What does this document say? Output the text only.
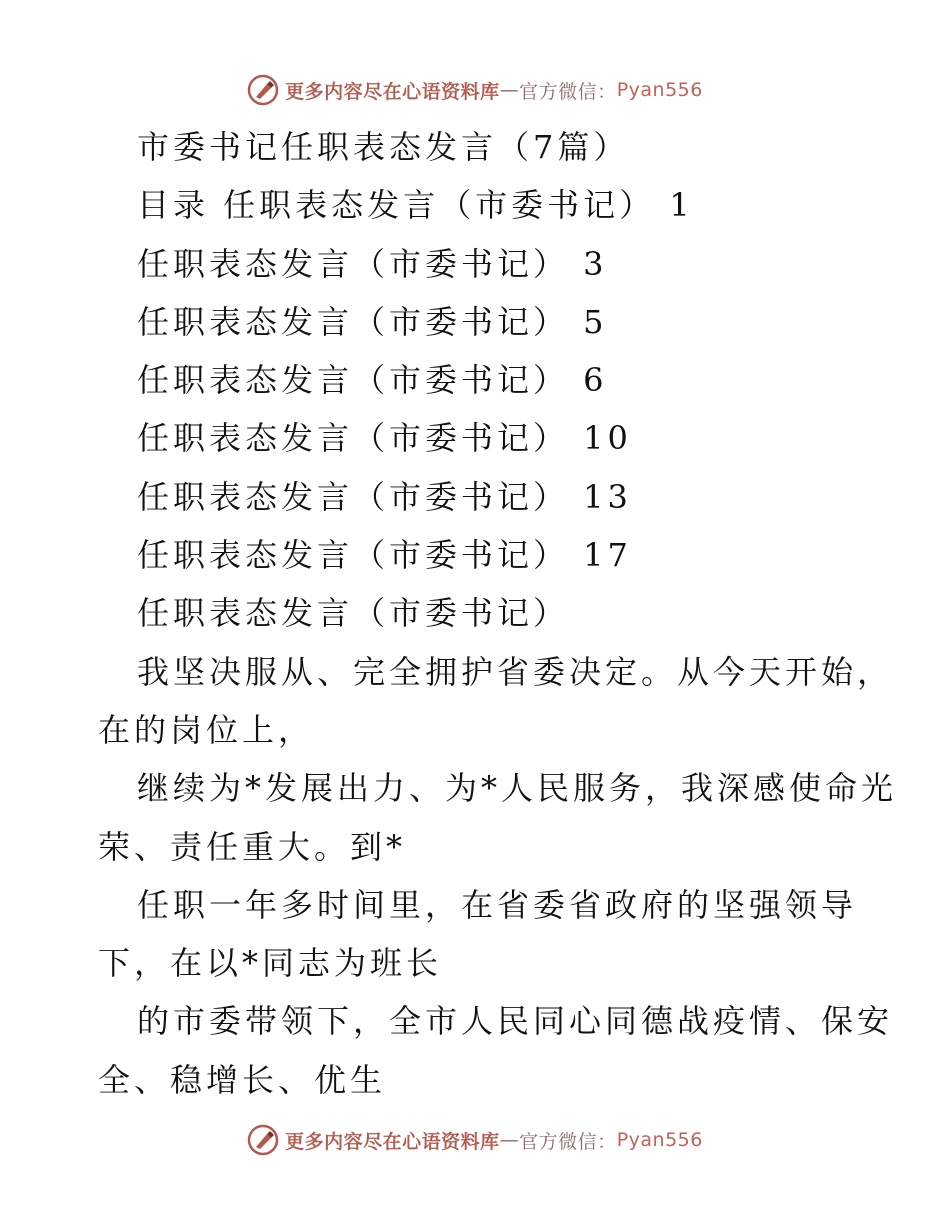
更多内容尽在心语资料库 — 官方微信： Pyan556

市委书记任职表态发言（7篇）

目录 任职表态发言（市委书记） 1

任职表态发言（市委书记） 3

任职表态发言（市委书记） 5

任职表态发言（市委书记） 6

任职表态发言（市委书记） 10

任职表态发言（市委书记） 13

任职表态发言（市委书记） 17

任职表态发言（市委书记）

我坚决服从、完全拥护省委决定。从今天开始，

在的岗位上，

继续为*发展出力、为*人民服务，我深感使命光

荣、责任重大。到*

任职一年多时间里，在省委省政府的坚强领导

下，在以*同志为班长

的市委带领下，全市人民同心同德战疫情、保安

全、稳增长、优生

更多内容尽在心语资料库 — 官方微信： Pyan556
